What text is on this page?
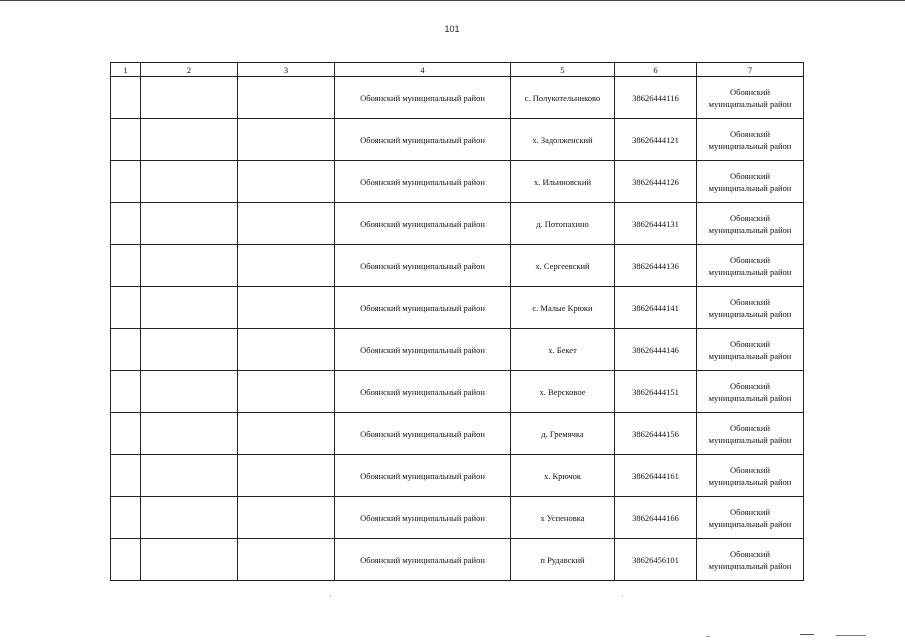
101
1	2	3	4	5	6	7
			Обоянский муниципальный район	с. Полукотельниково	38626444116	Обоянский
муниципальный район

			Обоянский муниципальный район	х. Задолженский	38626444121	Обоянский
муниципальный район

			Обоянский муниципальный район	х. Ильиновский	38626444126	Обоянский
муниципальный район

			Обоянский муниципальный район	д. Потопахино	38626444131	Обоянский
муниципальный район

			Обоянский муниципальный район	х. Сергеевский	38626444136	Обоянский
муниципальный район

			Обоянский муниципальный район	с. Малые Крюки	38626444141	Обоянский
муниципальный район

			Обоянский муниципальный район	х. Бекет	38626444146	Обоянский
муниципальный район

			Обоянский муниципальный район	х. Версковое	38626444151	Обоянский
муниципальный район

			Обоянский муниципальный район	д. Гремячка	38626444156	Обоянский
муниципальный район

			Обоянский муниципальный район	х. Крючок	38626444161	Обоянский
муниципальный район

			Обоянский муниципальный район	х Успеновка	38626444166	Обоянский
муниципальный район

			Обоянский муниципальный район	п Рудавский	38626456101	Обоянский
муниципальный район
